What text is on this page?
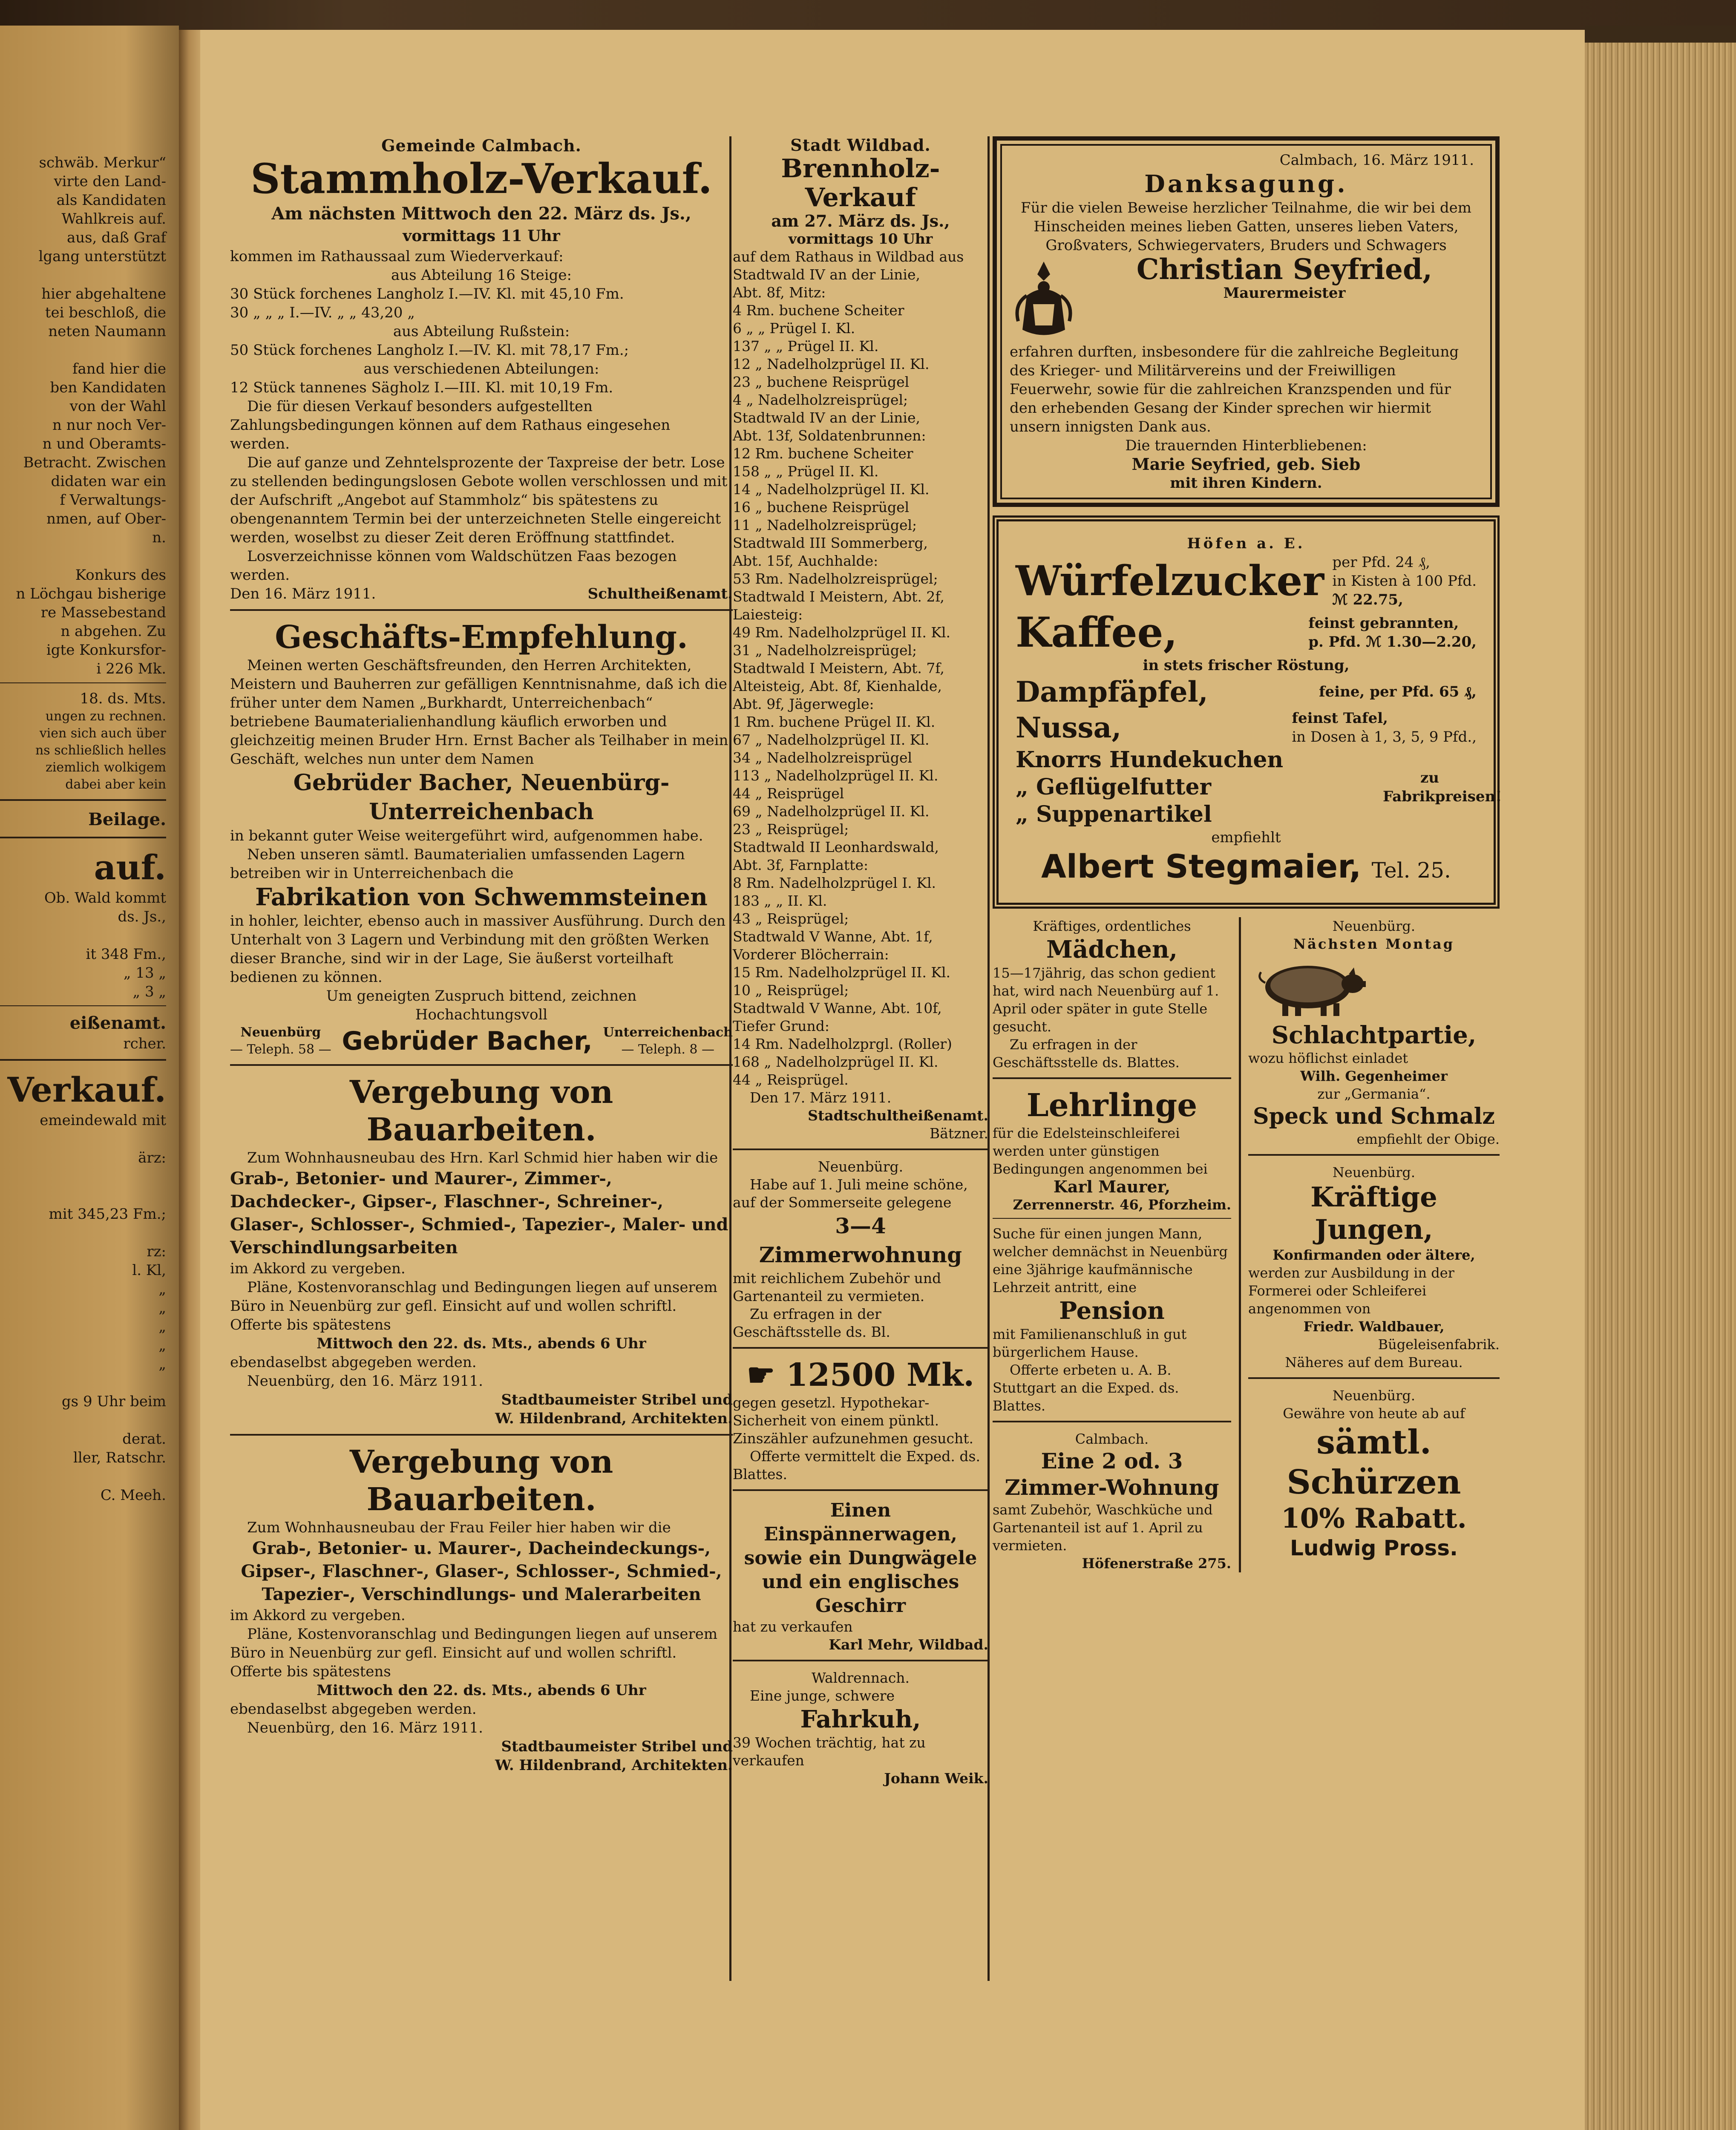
schwäb. Merkur“
virte den Land-
als Kandidaten
Wahlkreis auf.
aus, daß Graf
lgang unterstützt

hier abgehaltene
tei beschloß, die
neten Naumann

fand hier die
ben Kandidaten
von der Wahl
n nur noch Ver-
n und Oberamts-
Betracht. Zwischen
didaten war ein
f Verwaltungs-
nmen, auf Ober-
n.

Konkurs des
n Löchgau bisherige
re Massebestand
n abgehen. Zu
igte Konkursfor-
i 226 Mk.
18. ds. Mts.
ungen zu rechnen.
vien sich auch über
ns schließlich helles
ziemlich wolkigem
dabei aber kein
Beilage.
auf.
Ob. Wald kommt
ds. Js.,

it 348 Fm.,
„ 13 „
„ 3 „
eißenamt.
rcher.
Verkauf.
emeindewald mit

ärz:

mit 345,23 Fm.;

rz:
l. Kl,
„
„
„
„
„

gs 9 Uhr beim

derat.
ller, Ratschr.

C. Meeh.
Gemeinde Calmbach.
Stammholz-Verkauf.
Am nächsten Mittwoch den 22. März ds. Js.,
vormittags 11 Uhr
kommen im Rathaussaal zum Wiederverkauf:
aus Abteilung 16 Steige:
30 Stück forchenes Langholz I.—IV. Kl. mit 45,10 Fm.
30 „ „ „ I.—IV. „ „ 43,20 „
aus Abteilung Rußstein:
50 Stück forchenes Langholz I.—IV. Kl. mit 78,17 Fm.;
aus verschiedenen Abteilungen:
12 Stück tannenes Sägholz I.—III. Kl. mit 10,19 Fm.
Die für diesen Verkauf besonders aufgestellten Zahlungsbedingungen können auf dem Rathaus eingesehen werden.
Die auf ganze und Zehntelsprozente der Taxpreise der betr. Lose zu stellenden bedingungslosen Gebote wollen verschlossen und mit der Aufschrift „Angebot auf Stammholz“ bis spätestens zu obengenanntem Termin bei der unterzeichneten Stelle eingereicht werden, woselbst zu dieser Zeit deren Eröffnung stattfindet.
Losverzeichnisse können vom Waldschützen Faas bezogen werden.
Den 16. März 1911.	Schultheißenamt.
Geschäfts-Empfehlung.
Meinen werten Geschäftsfreunden, den Herren Architekten, Meistern und Bauherren zur gefälligen Kenntnisnahme, daß ich die früher unter dem Namen „Burkhardt, Unterreichenbach“ betriebene Baumaterialienhandlung käuflich erworben und gleichzeitig meinen Bruder Hrn. Ernst Bacher als Teilhaber in mein Geschäft, welches nun unter dem Namen
Gebrüder Bacher, Neuenbürg-Unterreichenbach
in bekannt guter Weise weitergeführt wird, aufgenommen habe.
Neben unseren sämtl. Baumaterialien umfassenden Lagern betreiben wir in Unterreichenbach die
Fabrikation von Schwemmsteinen
in hohler, leichter, ebenso auch in massiver Ausführung. Durch den Unterhalt von 3 Lagern und Verbindung mit den größten Werken dieser Branche, sind wir in der Lage, Sie äußerst vorteilhaft bedienen zu können.
Um geneigten Zuspruch bittend, zeichnen
Hochachtungsvoll
Neuenbürg
— Teleph. 58 — Gebrüder Bacher, Unterreichenbach
— Teleph. 8 —
Vergebung von Bauarbeiten.
Zum Wohnhausneubau des Hrn. Karl Schmid hier haben wir die
Grab-, Betonier- und Maurer-, Zimmer-, Dachdecker-, Gipser-, Flaschner-, Schreiner-, Glaser-, Schlosser-, Schmied-, Tapezier-, Maler- und Verschindlungsarbeiten
im Akkord zu vergeben.
Pläne, Kostenvoranschlag und Bedingungen liegen auf unserem Büro in Neuenbürg zur gefl. Einsicht auf und wollen schriftl. Offerte bis spätestens
Mittwoch den 22. ds. Mts., abends 6 Uhr
ebendaselbst abgegeben werden.
Neuenbürg, den 16. März 1911.
Stadtbaumeister Stribel und
W. Hildenbrand, Architekten.
Vergebung von Bauarbeiten.
Zum Wohnhausneubau der Frau Feiler hier haben wir die
Grab-, Betonier- u. Maurer-, Dacheindeckungs-, Gipser-, Flaschner-, Glaser-, Schlosser-, Schmied-, Tapezier-, Verschindlungs- und Malerarbeiten
im Akkord zu vergeben.
Pläne, Kostenvoranschlag und Bedingungen liegen auf unserem Büro in Neuenbürg zur gefl. Einsicht auf und wollen schriftl. Offerte bis spätestens
Mittwoch den 22. ds. Mts., abends 6 Uhr
ebendaselbst abgegeben werden.
Neuenbürg, den 16. März 1911.
Stadtbaumeister Stribel und
W. Hildenbrand, Architekten.
Stadt Wildbad.
Brennholz-Verkauf
am 27. März ds. Js.,
vormittags 10 Uhr
auf dem Rathaus in Wildbad aus
Stadtwald IV an der Linie,
Abt. 8f, Mitz:
4 Rm. buchene Scheiter
6 „ „ Prügel I. Kl.
137 „ „ Prügel II. Kl.
12 „ Nadelholzprügel II. Kl.
23 „ buchene Reisprügel
4 „ Nadelholzreisprügel;
Stadtwald IV an der Linie,
Abt. 13f, Soldatenbrunnen:
12 Rm. buchene Scheiter
158 „ „ Prügel II. Kl.
14 „ Nadelholzprügel II. Kl.
16 „ buchene Reisprügel
11 „ Nadelholzreisprügel;
Stadtwald III Sommerberg,
Abt. 15f, Auchhalde:
53 Rm. Nadelholzreisprügel;
Stadtwald I Meistern, Abt. 2f,
Laiesteig:
49 Rm. Nadelholzprügel II. Kl.
31 „ Nadelholzreisprügel;
Stadtwald I Meistern, Abt. 7f,
Alteisteig, Abt. 8f, Kienhalde,
Abt. 9f, Jägerwegle:
1 Rm. buchene Prügel II. Kl.
67 „ Nadelholzprügel II. Kl.
34 „ Nadelholzreisprügel
113 „ Nadelholzprügel II. Kl.
44 „ Reisprügel
69 „ Nadelholzprügel II. Kl.
23 „ Reisprügel;
Stadtwald II Leonhardswald,
Abt. 3f, Farnplatte:
8 Rm. Nadelholzprügel I. Kl.
183 „ „ II. Kl.
43 „ Reisprügel;
Stadtwald V Wanne, Abt. 1f,
Vorderer Blöcherrain:
15 Rm. Nadelholzprügel II. Kl.
10 „ Reisprügel;
Stadtwald V Wanne, Abt. 10f,
Tiefer Grund:
14 Rm. Nadelholzprgl. (Roller)
168 „ Nadelholzprügel II. Kl.
44 „ Reisprügel.
Den 17. März 1911.
Stadtschultheißenamt.
Bätzner.
Neuenbürg.
Habe auf 1. Juli meine schöne, auf der Sommerseite gelegene
3—4 Zimmerwohnung
mit reichlichem Zubehör und Gartenanteil zu vermieten.
Zu erfragen in der Geschäftsstelle ds. Bl.
☛ 12500 Mk.
gegen gesetzl. Hypothekar-Sicherheit von einem pünktl. Zinszähler aufzunehmen gesucht.
Offerte vermittelt die Exped. ds. Blattes.
Einen Einspännerwagen, sowie ein Dungwägele und ein englisches Geschirr
hat zu verkaufen
Karl Mehr, Wildbad.
Waldrennach.
Eine junge, schwere
Fahrkuh,
39 Wochen trächtig, hat zu verkaufen
Johann Weik.
Calmbach, 16. März 1911.
Danksagung.
Für die vielen Beweise herzlicher Teilnahme, die wir bei dem Hinscheiden meines lieben Gatten, unseres lieben Vaters, Großvaters, Schwiegervaters, Bruders und Schwagers
Christian Seyfried,
Maurermeister
erfahren durften, insbesondere für die zahlreiche Begleitung des Krieger- und Militärvereins und der Freiwilligen Feuerwehr, sowie für die zahlreichen Kranzspenden und für den erhebenden Gesang der Kinder sprechen wir hiermit unsern innigsten Dank aus.
Die trauernden Hinterbliebenen:
Marie Seyfried, geb. Sieb
mit ihren Kindern.
Höfen a. E.
Würfelzucker per Pfd. 24 ₰,
in Kisten à 100 Pfd.
ℳ 22.75,
Kaffee,	feinst gebrannten,
p. Pfd. ℳ 1.30—2.20,
in stets frischer Röstung,
Dampfäpfel,	feine, per Pfd. 65 ₰,
Nussa,	feinst Tafel,
in Dosen à 1, 3, 5, 9 Pfd.,
Knorrs Hundekuchen
„ Geflügelfutter
„ Suppenartikel
zu Fabrikpreisen!
empfiehlt
Albert Stegmaier, Tel. 25.
Kräftiges, ordentliches
Mädchen,
15—17jährig, das schon gedient hat, wird nach Neuenbürg auf 1. April oder später in gute Stelle gesucht.
Zu erfragen in der Geschäftsstelle ds. Blattes.
Lehrlinge
für die Edelsteinschleiferei werden unter günstigen Bedingungen angenommen bei
Karl Maurer,
Zerrennerstr. 46, Pforzheim.
Suche für einen jungen Mann, welcher demnächst in Neuenbürg eine 3jährige kaufmännische Lehrzeit antritt, eine
Pension
mit Familienanschluß in gut bürgerlichem Hause.
Offerte erbeten u. A. B. Stuttgart an die Exped. ds. Blattes.
Calmbach.
Eine 2 od. 3 Zimmer-Wohnung
samt Zubehör, Waschküche und Gartenanteil ist auf 1. April zu vermieten.
Höfenerstraße 275.
Neuenbürg.
Nächsten Montag
Schlachtpartie,
wozu höflichst einladet
Wilh. Gegenheimer
zur „Germania“.
Speck und Schmalz
empfiehlt der Obige.
Neuenbürg.
Kräftige Jungen,
Konfirmanden oder ältere,
werden zur Ausbildung in der Formerei oder Schleiferei angenommen von
Friedr. Waldbauer,
Bügeleisenfabrik.
Näheres auf dem Bureau.
Neuenbürg.
Gewähre von heute ab auf
sämtl. Schürzen
10% Rabatt.
Ludwig Pross.
